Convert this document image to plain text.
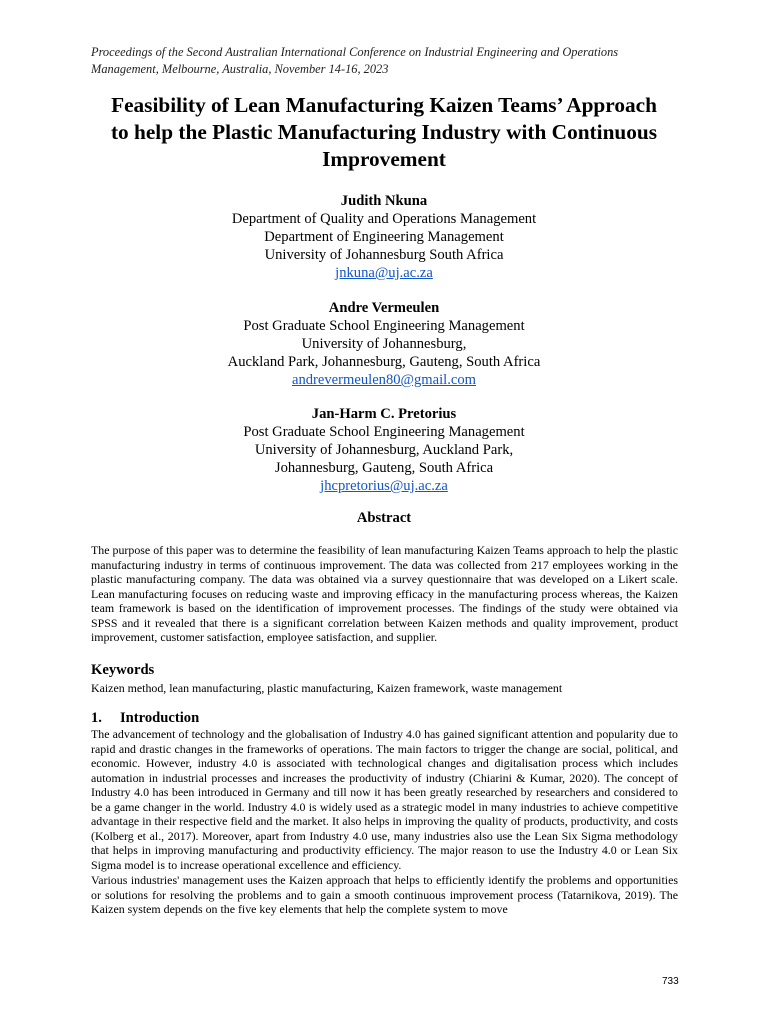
Proceedings of the Second Australian International Conference on Industrial Engineering and Operations
Management, Melbourne, Australia, November 14-16, 2023
Feasibility of Lean Manufacturing Kaizen Teams’ Approach
to help the Plastic Manufacturing Industry with Continuous
Improvement
Judith Nkuna
Department of Quality and Operations Management
Department of Engineering Management
University of Johannesburg South Africa
jnkuna@uj.ac.za
Andre Vermeulen
Post Graduate School Engineering Management
University of Johannesburg,
Auckland Park, Johannesburg, Gauteng, South Africa
andrevermeulen80@gmail.com
Jan-Harm C. Pretorius
Post Graduate School Engineering Management
University of Johannesburg, Auckland Park,
Johannesburg, Gauteng, South Africa
jhcpretorius@uj.ac.za
Abstract
The purpose of this paper was to determine the feasibility of lean manufacturing Kaizen Teams approach to help the plastic manufacturing industry in terms of continuous improvement. The data was collected from 217 employees working in the plastic manufacturing company. The data was obtained via a survey questionnaire that was developed on a Likert scale. Lean manufacturing focuses on reducing waste and improving efficacy in the manufacturing process whereas, the Kaizen team framework is based on the identification of improvement processes. The findings of the study were obtained via SPSS and it revealed that there is a significant correlation between Kaizen methods and quality improvement, product improvement, customer satisfaction, employee satisfaction, and supplier.
Keywords
Kaizen method, lean manufacturing, plastic manufacturing, Kaizen framework, waste management
1. Introduction
The advancement of technology and the globalisation of Industry 4.0 has gained significant attention and popularity due to rapid and drastic changes in the frameworks of operations. The main factors to trigger the change are social, political, and economic. However, industry 4.0 is associated with technological changes and digitalisation process which includes automation in industrial processes and increases the productivity of industry (Chiarini & Kumar, 2020). The concept of Industry 4.0 has been introduced in Germany and till now it has been greatly researched by researchers and considered to be a game changer in the world. Industry 4.0 is widely used as a strategic model in many industries to achieve competitive advantage in their respective field and the market. It also helps in improving the quality of products, productivity, and costs (Kolberg et al., 2017). Moreover, apart from Industry 4.0 use, many industries also use the Lean Six Sigma methodology that helps in improving manufacturing and productivity efficiency. The major reason to use the Industry 4.0 or Lean Six Sigma model is to increase operational excellence and efficiency.
Various industries' management uses the Kaizen approach that helps to efficiently identify the problems and opportunities or solutions for resolving the problems and to gain a smooth continuous improvement process (Tatarnikova, 2019). The Kaizen system depends on the five key elements that help the complete system to move
733
